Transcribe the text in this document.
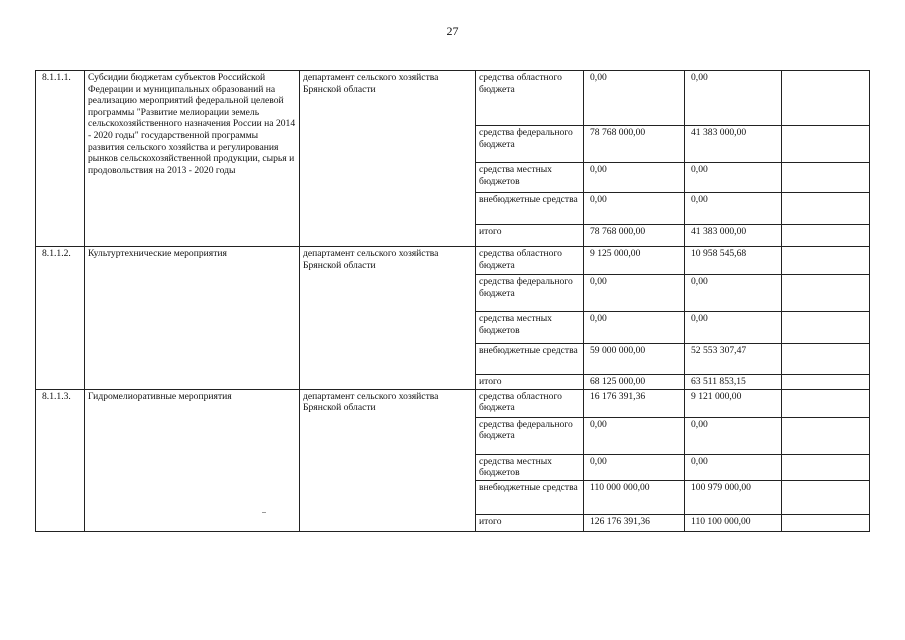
27
8.1.1.1.	Субсидии бюджетам субъектов Российской Федерации и муниципальных образований на реализацию мероприятий федеральной целевой программы "Развитие мелиорации земель сельскохозяйственного назначения России на 2014 - 2020 годы" государственной программы развития сельского хозяйства и регулирования рынков сельскохозяйственной продукции, сырья и продовольствия на 2013 - 2020 годы	департамент сельского хозяйства Брянской области	средства областного бюджета	0,00	0,00	
			средства федерального бюджета	78 768 000,00	41 383 000,00	
			средства местных бюджетов	0,00	0,00	
			внебюджетные средства	0,00	0,00	
			итого	78 768 000,00	41 383 000,00	
8.1.1.2.	Культуртехнические мероприятия	департамент сельского хозяйства Брянской области	средства областного бюджета	9 125 000,00	10 958 545,68	
			средства федерального бюджета	0,00	0,00	
			средства местных бюджетов	0,00	0,00	
			внебюджетные средства	59 000 000,00	52 553 307,47	
			итого	68 125 000,00	63 511 853,15	
8.1.1.3.	Гидромелиоративные мероприятия	департамент сельского хозяйства Брянской области	средства областного бюджета	16 176 391,36	9 121 000,00	
			средства федерального бюджета	0,00	0,00	
			средства местных бюджетов	0,00	0,00	
			внебюджетные средства	110 000 000,00	100 979 000,00	
			итого	126 176 391,36	110 100 000,00	
